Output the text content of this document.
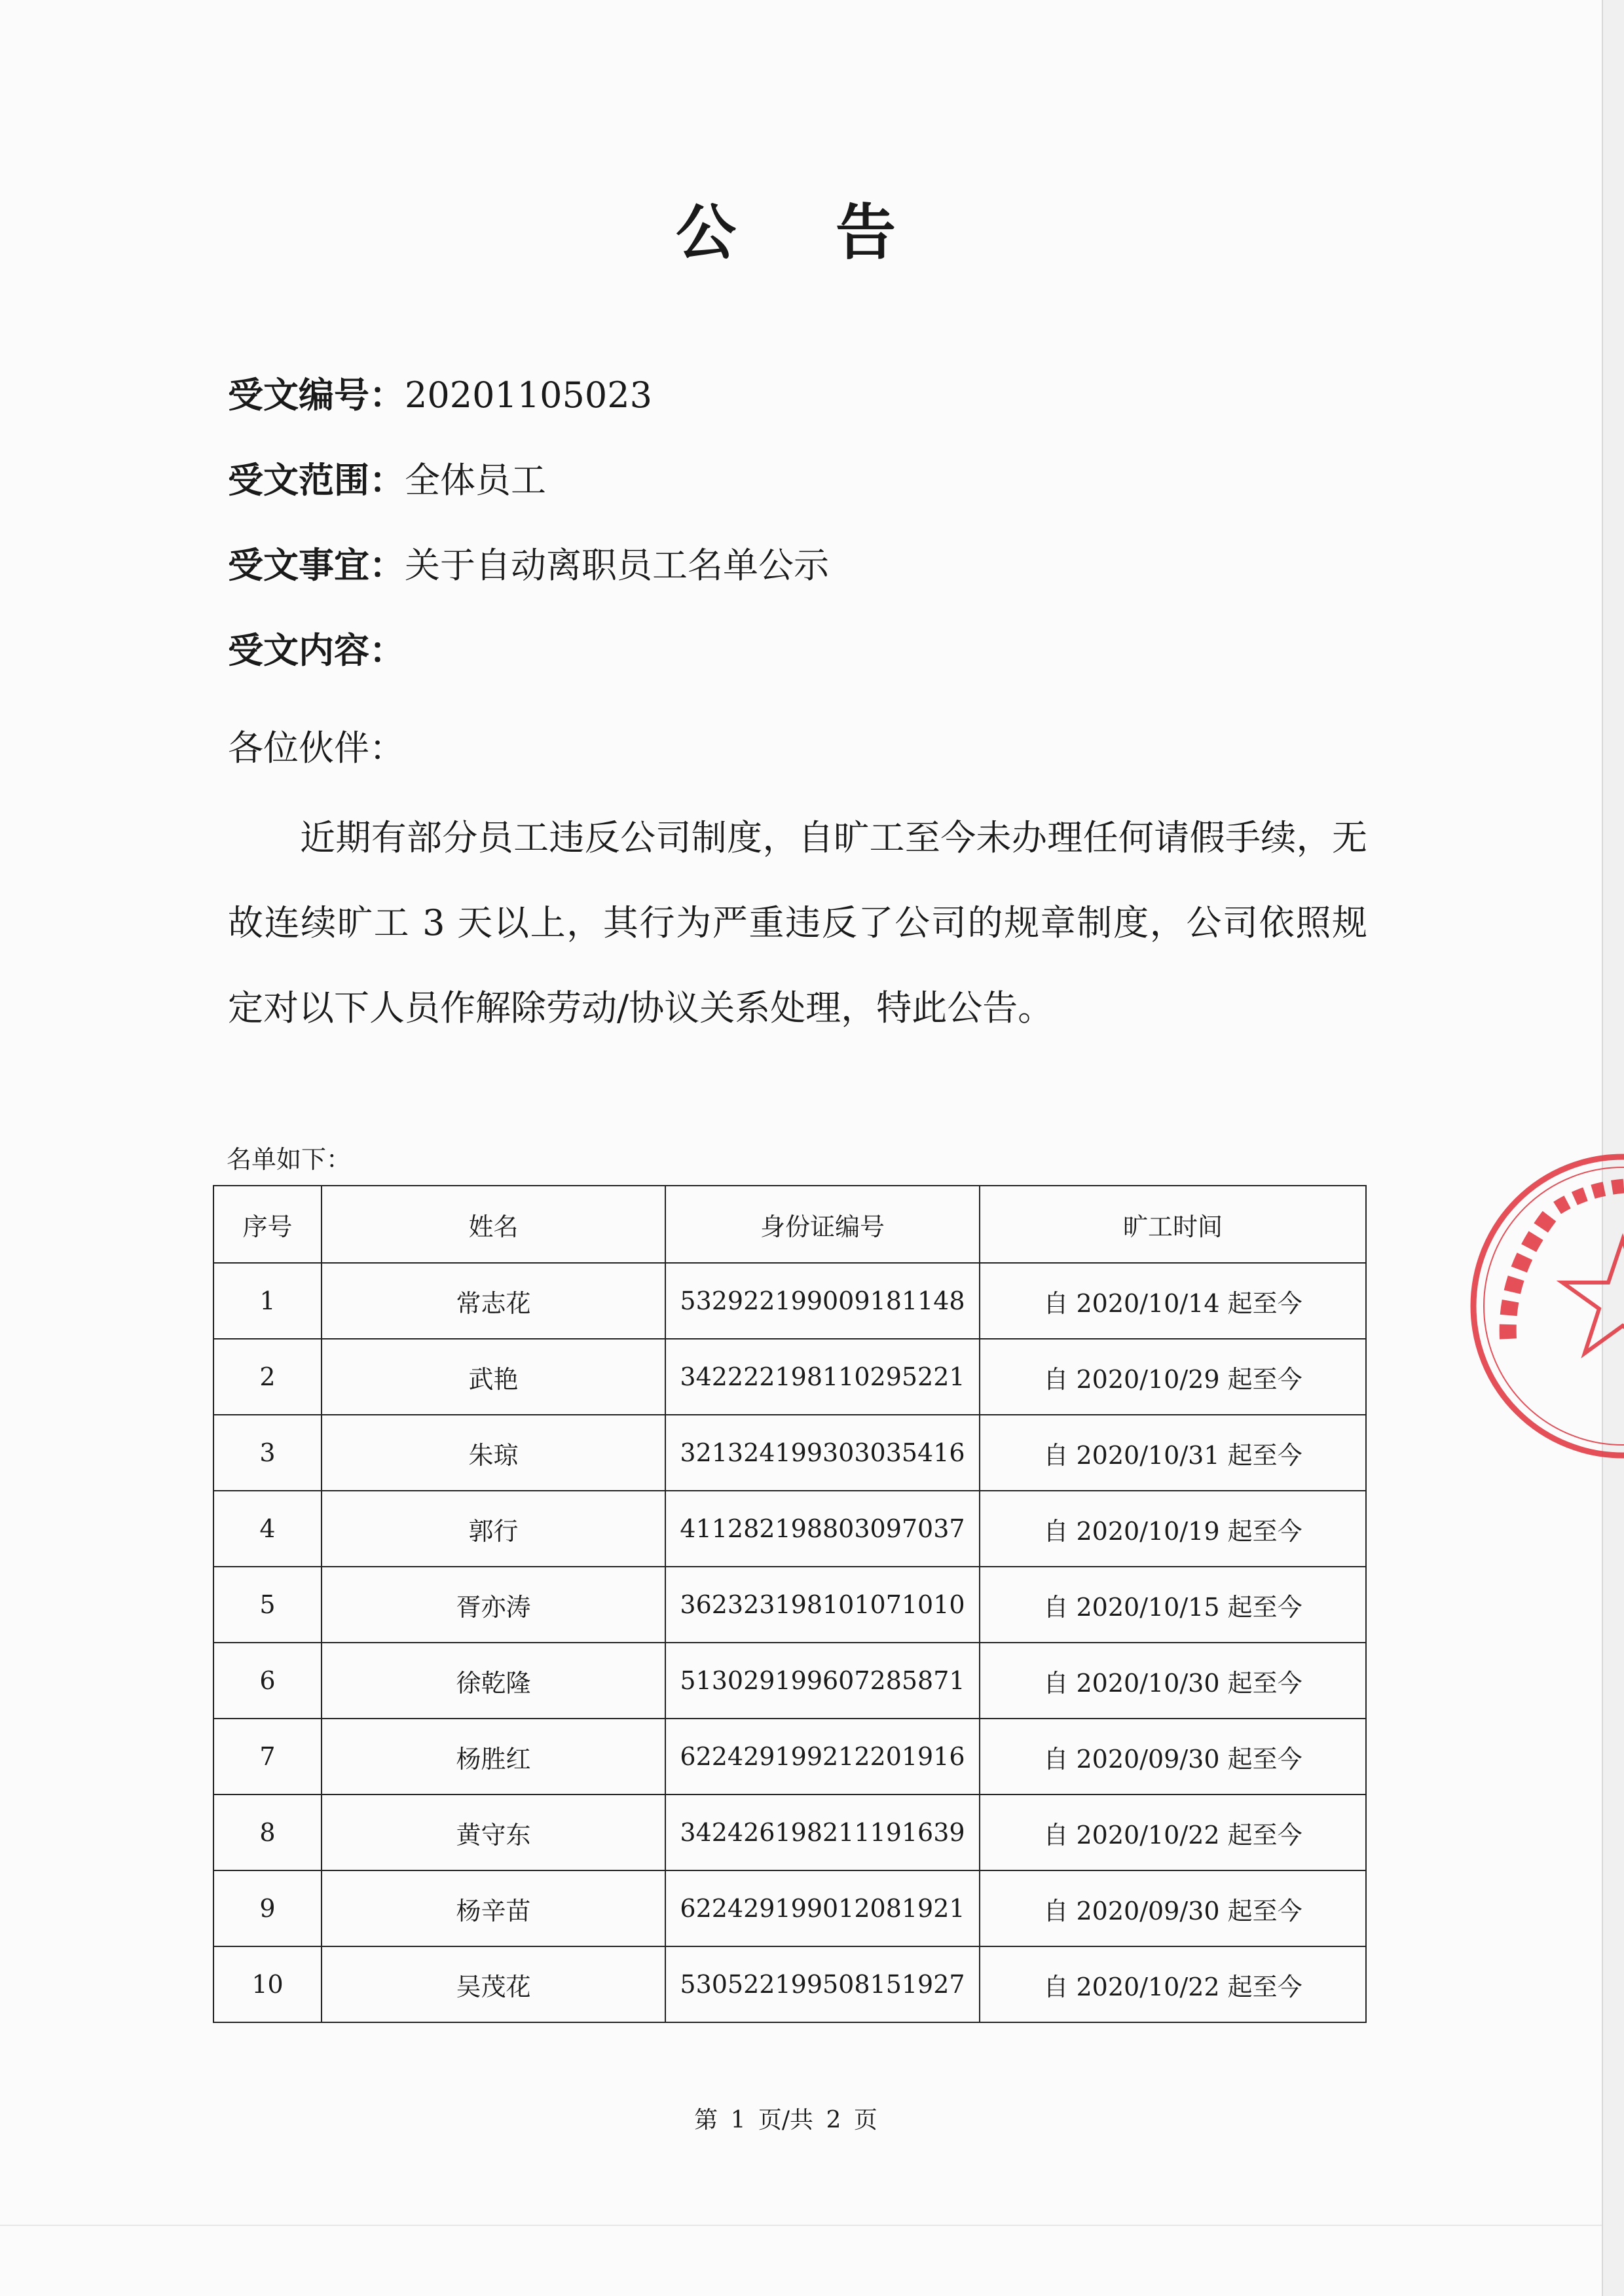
公 告
受文编号：20201105023
受文范围：全体员工
受文事宜：关于自动离职员工名单公示
受文内容：
各位伙伴：
近期有部分员工违反公司制度，自旷工至今未办理任何请假手续，无故连续旷工 3 天以上，其行为严重违反了公司的规章制度，公司依照规定对以下人员作解除劳动/协议关系处理，特此公告。
名单如下：
序号	姓名	身份证编号	旷工时间
1	常志花	532922199009181148	自 2020/10/14 起至今
2	武艳	342222198110295221	自 2020/10/29 起至今
3	朱琼	321324199303035416	自 2020/10/31 起至今
4	郭行	411282198803097037	自 2020/10/19 起至今
5	胥亦涛	362323198101071010	自 2020/10/15 起至今
6	徐乾隆	513029199607285871	自 2020/10/30 起至今
7	杨胜红	622429199212201916	自 2020/09/30 起至今
8	黄守东	342426198211191639	自 2020/10/22 起至今
9	杨辛苗	622429199012081921	自 2020/09/30 起至今
10	吴茂花	530522199508151927	自 2020/10/22 起至今
第 1 页/共 2 页
